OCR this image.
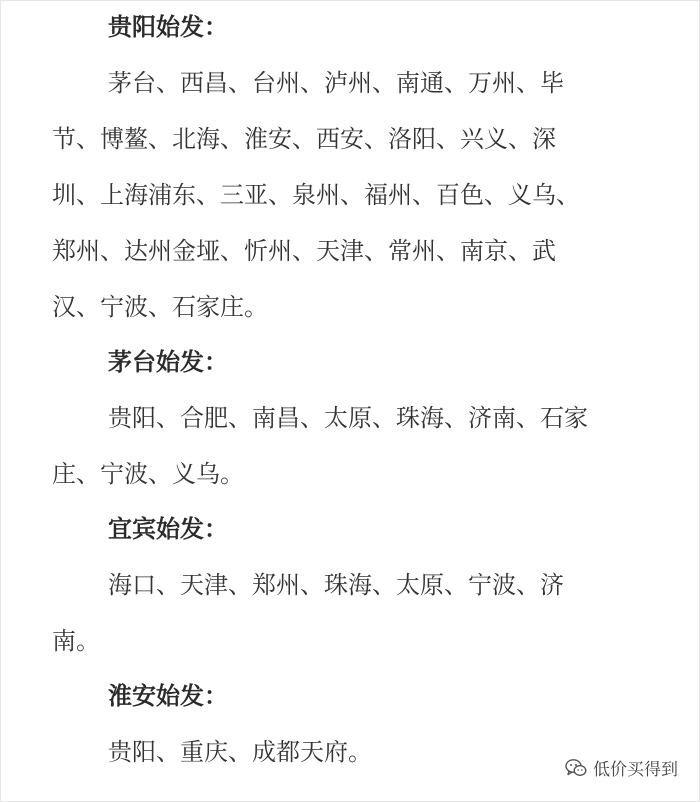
贵阳始发：
茅台、西昌、台州、泸州、南通、万州、毕
节、博鳌、北海、淮安、西安、洛阳、兴义、深
圳、上海浦东、三亚、泉州、福州、百色、义乌、
郑州、达州金垭、忻州、天津、常州、南京、武
汉、宁波、石家庄。
茅台始发：
贵阳、合肥、南昌、太原、珠海、济南、石家
庄、宁波、义乌。
宜宾始发：
海口、天津、郑州、珠海、太原、宁波、济
南。
淮安始发：
贵阳、重庆、成都天府。
低价买得到
